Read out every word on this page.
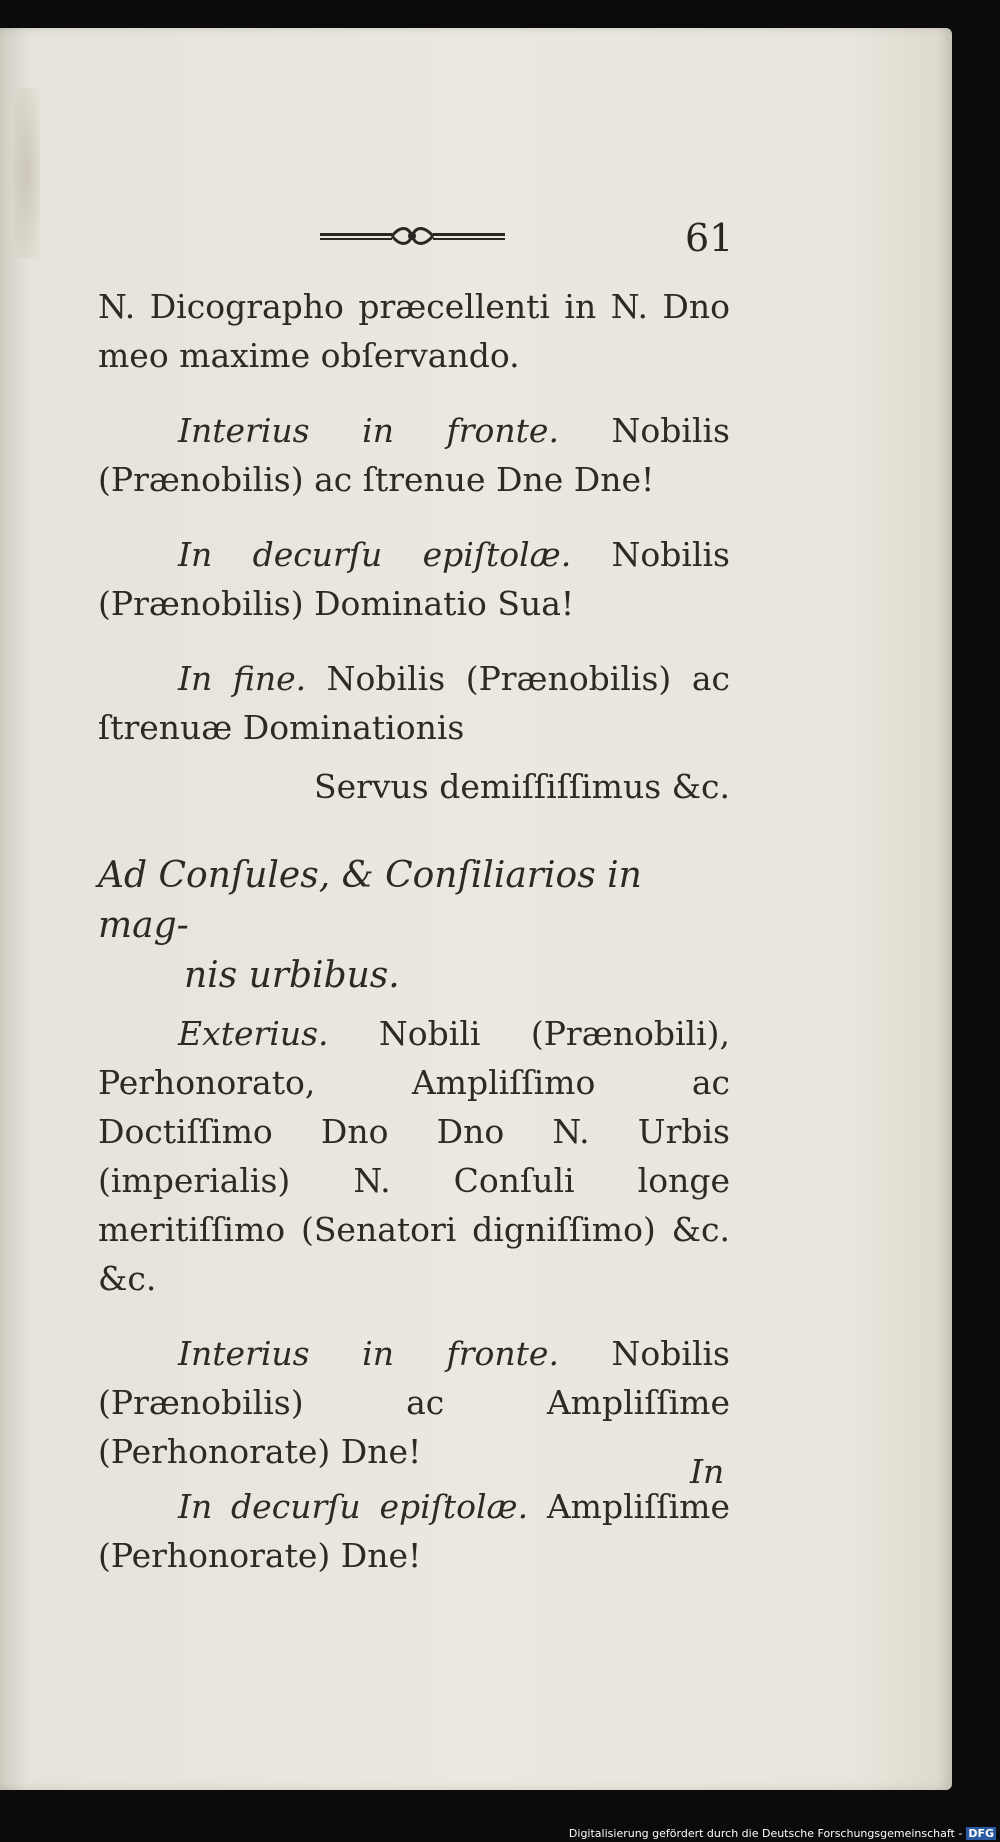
61

N. Dicographo præcellenti in N. Dno meo maxime obſervando.

Interius in fronte. Nobilis (Prænobilis) ac ſtrenue Dne Dne!

In decurſu epiſtolæ. Nobilis (Prænobilis) Dominatio Sua!

In fine. Nobilis (Prænobilis) ac ſtrenuæ Dominationis

Servus demiſſiſſimus &c.

Ad Conſules, & Conſiliarios in mag-
nis urbibus.

Exterius. Nobili (Prænobili), Perhonorato, Ampliſſimo ac Doctiſſimo Dno Dno N. Urbis (imperialis) N. Conſuli longe meritiſſimo (Senatori digniſſimo) &c. &c.

Interius in fronte. Nobilis (Prænobilis) ac Ampliſſime (Perhonorate) Dne!

In decurſu epiſtolæ. Ampliſſime (Perhonorate) Dne!

In
Digitalisierung gefördert durch die Deutsche Forschungsgemeinschaft - DFG
